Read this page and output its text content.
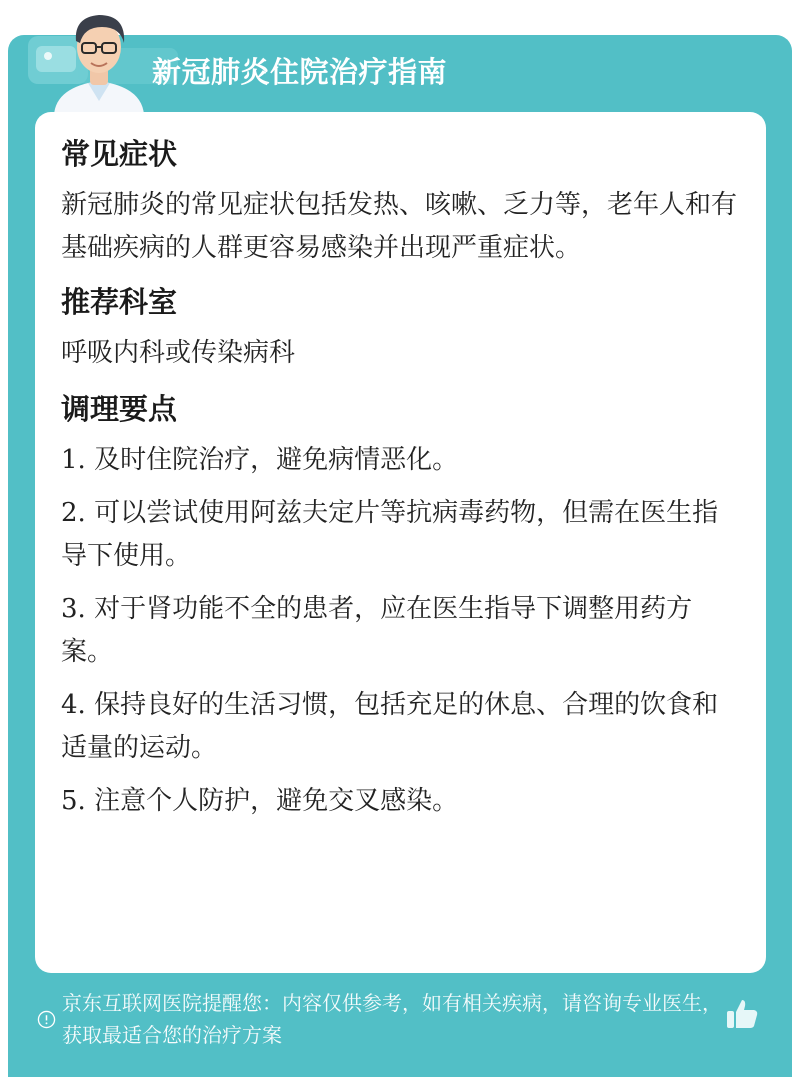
新冠肺炎住院治疗指南
常见症状
新冠肺炎的常见症状包括发热、咳嗽、乏力等，老年人和有基础疾病的人群更容易感染并出现严重症状。
推荐科室
呼吸内科或传染病科
调理要点
1. 及时住院治疗，避免病情恶化。
2. 可以尝试使用阿兹夫定片等抗病毒药物，但需在医生指导下使用。
3. 对于肾功能不全的患者，应在医生指导下调整用药方案。
4. 保持良好的生活习惯，包括充足的休息、合理的饮食和适量的运动。
5. 注意个人防护，避免交叉感染。
京东互联网医院提醒您：内容仅供参考，如有相关疾病，请咨询专业医生，获取最适合您的治疗方案
